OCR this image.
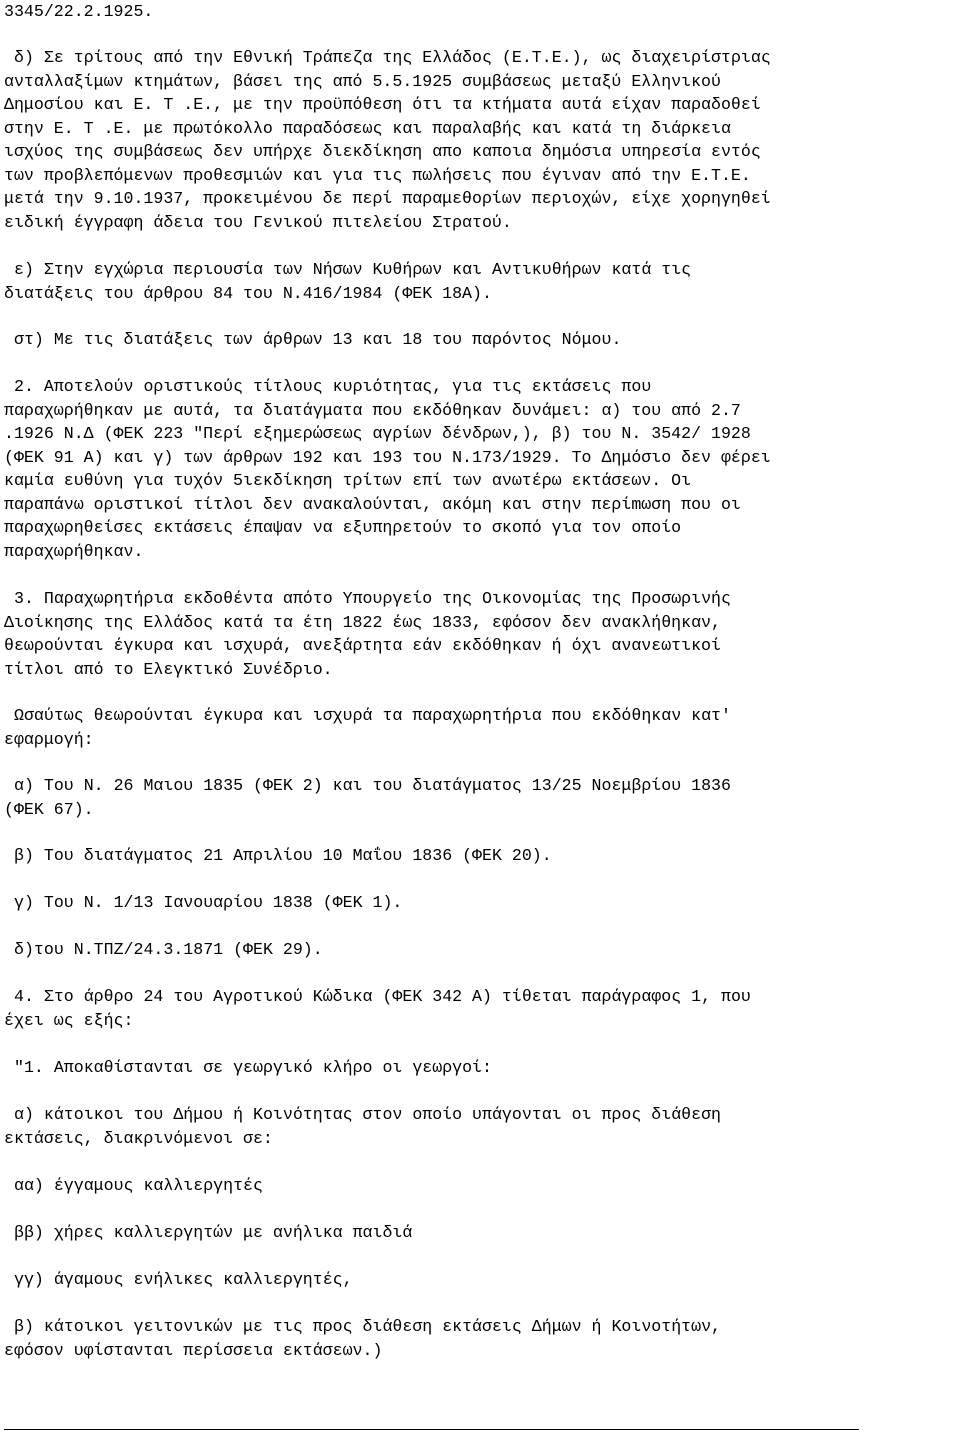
3345/22.2.1925.
δ) Σε τρίτους από την Εθνική Τράπεζα της Ελλάδος (Ε.Τ.Ε.), ως διαχειρίστριας
ανταλλαξίμων κτημάτων, βάσει της από 5.5.1925 συμβάσεως μεταξύ Ελληνικού
Δημοσίου και Ε. Τ .Ε., με την προϋπόθεση ότι τα κτήματα αυτά είχαν παραδοθεί
στην Ε. Τ .Ε. με πρωτόκολλο παραδόσεως και παραλαβής και κατά τη διάρκεια
ισχύος της συμβάσεως δεν υπήρχε διεκδίκηση απο καποια δημόσια υπηρεσία εντός
των προβλεπόμενων προθεσμιών και για τις πωλήσεις που έγιναν από την Ε.Τ.Ε.
μετά την 9.10.1937, προκειμένου δε περί παραμεθορίων περιοχών, είχε χορηγηθεί
ειδική έγγραφη άδεια του Γενικού πιτελείου Στρατού.
ε) Στην εγχώρια περιουσία των Νήσων Κυθήρων και Αντικυθήρων κατά τις
διατάξεις του άρθρου 84 του Ν.416/1984 (ΦΕΚ 18Α).
στ) Με τις διατάξεις των άρθρων 13 και 18 του παρόντος Νόμου.
2. Αποτελούν οριστικούς τίτλους κυριότητας, για τις εκτάσεις που
παραχωρήθηκαν με αυτά, τα διατάγματα που εκδόθηκαν δυνάμει: α) του από 2.7
.1926 Ν.Δ (ΦΕΚ 223 "Περί εξημερώσεως αγρίων δένδρων,), β) του Ν. 3542/ 1928
(ΦΕΚ 91 Α) και γ) των άρθρων 192 και 193 του Ν.173/1929. Το Δημόσιο δεν φέρει
καμία ευθύνη για τυχόν 5ιεκδίκηση τρίτων επί των ανωτέρω εκτάσεων. Οι
παραπάνω οριστικοί τίτλοι δεν ανακαλούνται, ακόμη και στην περίmωση που οι
παραχωρηθείσες εκτάσεις έπαψαν να εξυπηρετούν το σκοπό για τον οποίο
παραχωρήθηκαν.
3. Παραχωρητήρια εκδοθέντα απότο Υπουργείο της Οικονομίας της Προσωρινής
Διοίκησης της Ελλάδος κατά τα έτη 1822 έως 1833, εφόσον δεν ανακλήθηκαν,
θεωρούνται έγκυρα και ισχυρά, ανεξάρτητα εάν εκδόθηκαν ή όχι ανανεωτικοί
τίτλοι από το Ελεγκτικό Συνέδριο.
Ωσαύτως θεωρούνται έγκυρα και ισχυρά τα παραχωρητήρια που εκδόθηκαν κατ'
εφαρμογή:
α) Του Ν. 26 Μαιου 1835 (ΦΕΚ 2) και του διατάγματος 13/25 Νοεμβρίου 1836
(ΦΕΚ 67).
β) Του διατάγματος 21 Απριλίου 10 Μαΐου 1836 (ΦΕΚ 20).
γ) Του Ν. 1/13 Ιανουαρίου 1838 (ΦΕΚ 1).
δ)του Ν.ΤΠΖ/24.3.1871 (ΦΕΚ 29).
4. Στο άρθρο 24 του Αγροτικού Κώδικα (ΦΕΚ 342 Α) τίθεται παράγραφος 1, που
έχει ως εξής:
"1. Αποκαθίστανται σε γεωργικό κλήρο οι γεωργοί:
α) κάτοικοι του Δήμου ή Κοινότητας στον οποίο υπάγονται οι προς διάθεση
εκτάσεις, διακρινόμενοι σε:
αα) έγγαμους καλλιεργητές
ββ) χήρες καλλιεργητών με ανήλικα παιδιά
γγ) άγαμους ενήλικες καλλιεργητές,
β) κάτοικοι γειτονικών με τις προς διάθεση εκτάσεις Δήμων ή Κοινοτήτων,
εφόσον υφίστανται περίσσεια εκτάσεων.)
